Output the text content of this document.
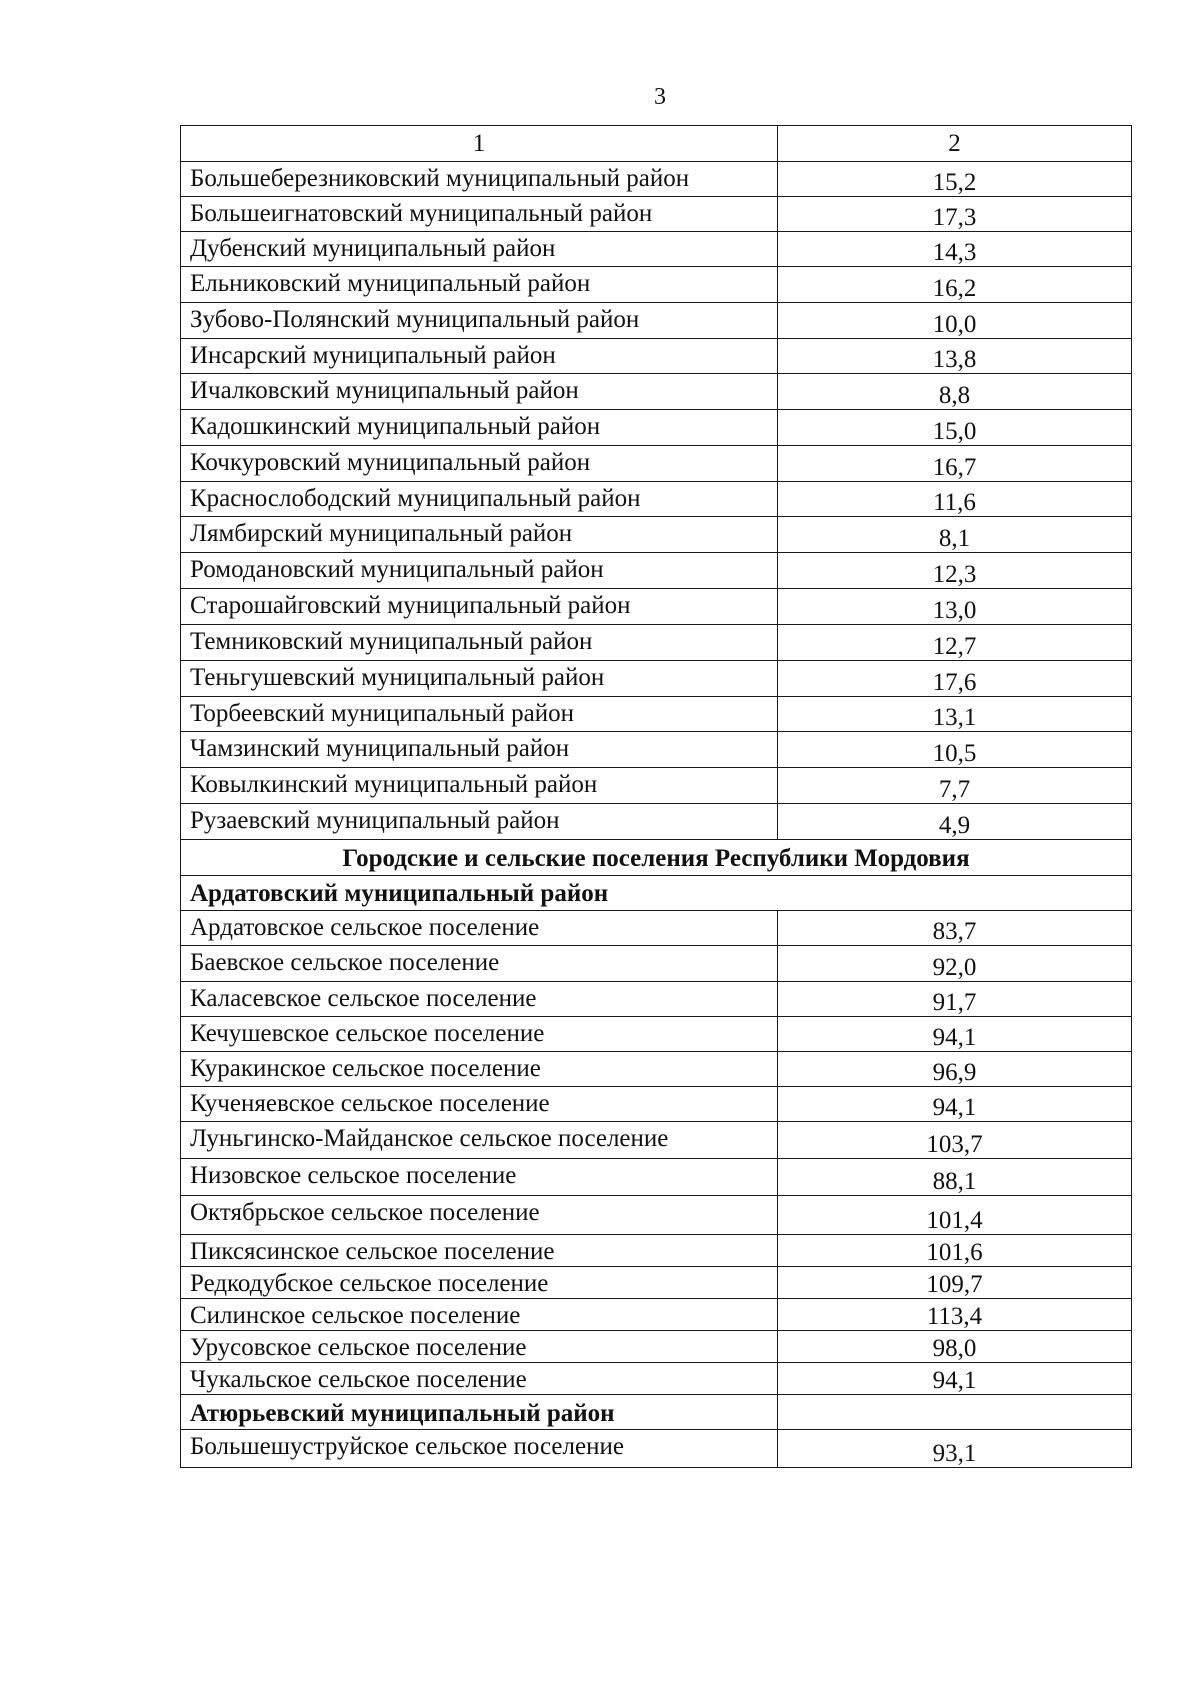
3
1	2
Большеберезниковский муниципальный район	15,2
Большеигнатовский муниципальный район	17,3
Дубенский муниципальный район	14,3
Ельниковский муниципальный район	16,2
Зубово-Полянский муниципальный район	10,0
Инсарский муниципальный район	13,8
Ичалковский муниципальный район	8,8
Кадошкинский муниципальный район	15,0
Кочкуровский муниципальный район	16,7
Краснослободский муниципальный район	11,6
Лямбирский муниципальный район	8,1
Ромодановский муниципальный район	12,3
Старошайговский муниципальный район	13,0
Темниковский муниципальный район	12,7
Теньгушевский муниципальный район	17,6
Торбеевский муниципальный район	13,1
Чамзинский муниципальный район	10,5
Ковылкинский муниципальный район	7,7
Рузаевский муниципальный район	4,9
Городские и сельские поселения Республики Мордовия	
Ардатовский муниципальный район	
Ардатовское сельское поселение	83,7
Баевское сельское поселение	92,0
Каласевское сельское поселение	91,7
Кечушевское сельское поселение	94,1
Куракинское сельское поселение	96,9
Кученяевское сельское поселение	94,1
Луньгинско-Майданское сельское поселение	103,7
Низовское сельское поселение	88,1
Октябрьское сельское поселение	101,4
Пиксясинское сельское поселение	101,6
Редкодубское сельское поселение	109,7
Силинское сельское поселение	113,4
Урусовское сельское поселение	98,0
Чукальское сельское поселение	94,1
Атюрьевский муниципальный район	
Большешуструйское сельское поселение	93,1
